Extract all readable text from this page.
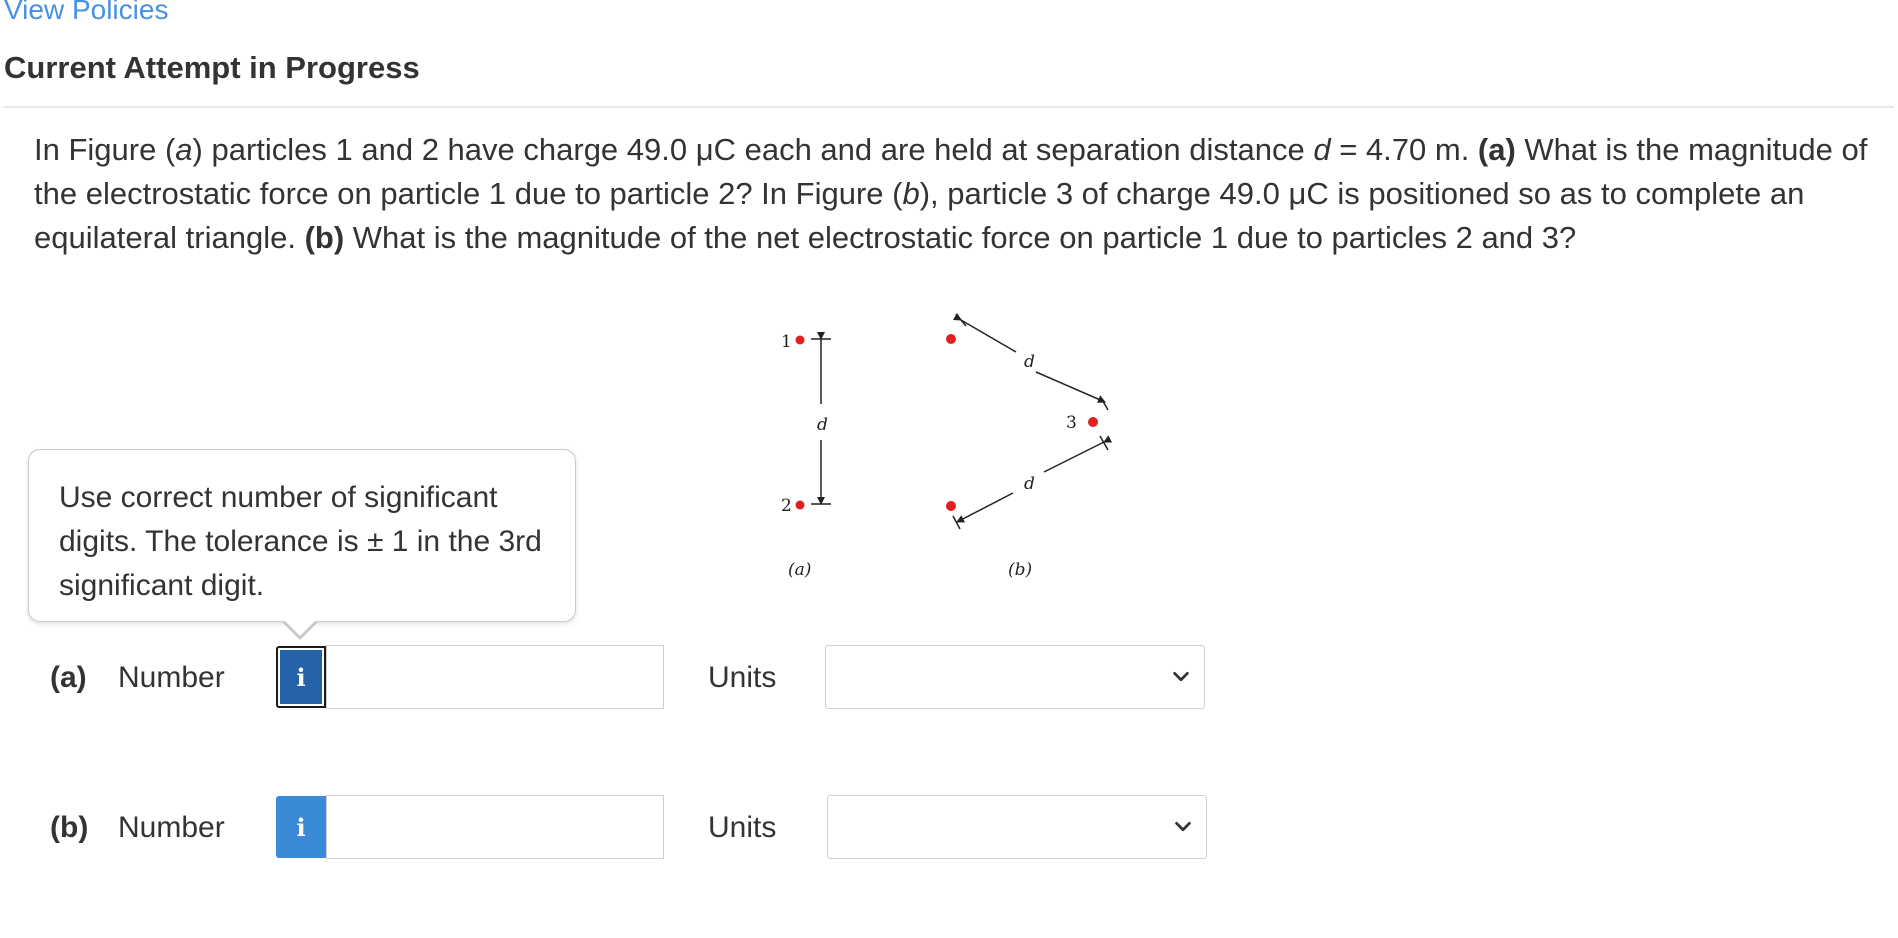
View Policies
Current Attempt in Progress
In Figure (a) particles 1 and 2 have charge 49.0 μC each and are held at separation distance d = 4.70 m. (a) What is the magnitude of the electrostatic force on particle 1 due to particle 2? In Figure (b), particle 3 of charge 49.0 μC is positioned so as to complete an equilateral triangle. (b) What is the magnitude of the net electrostatic force on particle 1 due to particles 2 and 3?
1
d
2
(a)
3
d
d
(b)
Use correct number of significant digits. The tolerance is ± 1 in the 3rd significant digit.
(a) Number	i	Units
(b) Number	i	Units
